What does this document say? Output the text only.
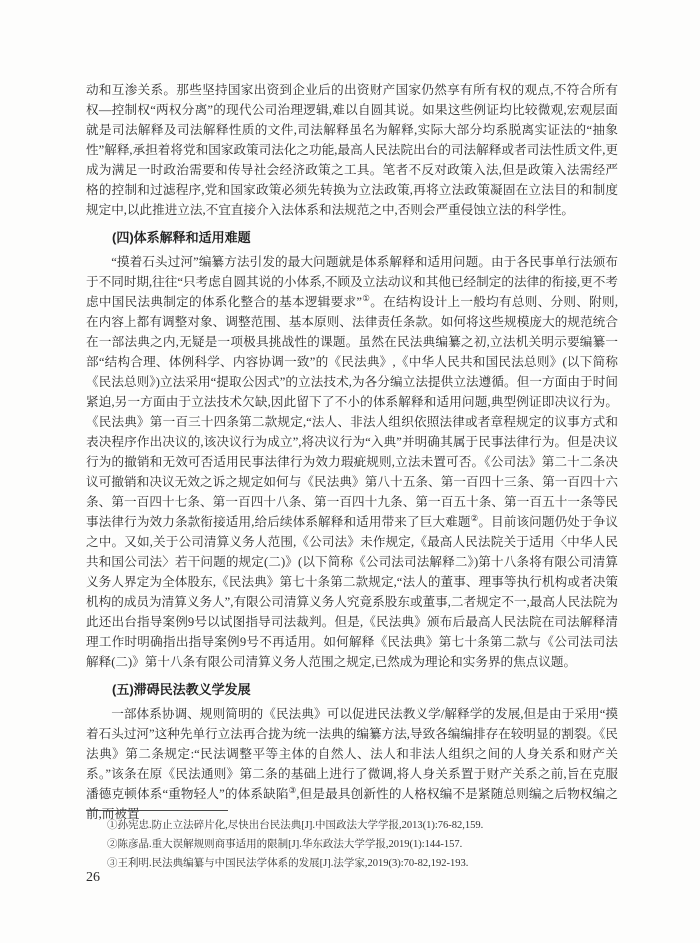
动和互渗关系。那些坚持国家出资到企业后的出资财产国家仍然享有所有权的观点,不符合所有权—控制权“两权分离”的现代公司治理逻辑,难以自圆其说。如果这些例证均比较微观,宏观层面就是司法解释及司法解释性质的文件,司法解释虽名为解释,实际大部分均系脱离实证法的“抽象性”解释,承担着将党和国家政策司法化之功能,最高人民法院出台的司法解释或者司法性质文件,更成为满足一时政治需要和传导社会经济政策之工具。笔者不反对政策入法,但是政策入法需经严格的控制和过滤程序,党和国家政策必须先转换为立法政策,再将立法政策凝固在立法目的和制度规定中,以此推进立法,不宜直接介入法体系和法规范之中,否则会严重侵蚀立法的科学性。

(四)体系解释和适用难题

“摸着石头过河”编纂方法引发的最大问题就是体系解释和适用问题。由于各民事单行法颁布于不同时期,往往“只考虑自圆其说的小体系,不顾及立法动议和其他已经制定的法律的衔接,更不考虑中国民法典制定的体系化整合的基本逻辑要求”①。在结构设计上一般均有总则、分则、附则,在内容上都有调整对象、调整范围、基本原则、法律责任条款。如何将这些规模庞大的规范统合在一部法典之内,无疑是一项极具挑战性的课题。虽然在民法典编纂之初,立法机关明示要编纂一部“结构合理、体例科学、内容协调一致”的《民法典》,《中华人民共和国民法总则》(以下简称《民法总则》)立法采用“提取公因式”的立法技术,为各分编立法提供立法遵循。但一方面由于时间紧迫,另一方面由于立法技术欠缺,因此留下了不小的体系解释和适用问题,典型例证即决议行为。《民法典》第一百三十四条第二款规定,“法人、非法人组织依照法律或者章程规定的议事方式和表决程序作出决议的,该决议行为成立”,将决议行为“入典”并明确其属于民事法律行为。但是决议行为的撤销和无效可否适用民事法律行为效力瑕疵规则,立法未置可否。《公司法》第二十二条决议可撤销和决议无效之诉之规定如何与《民法典》第八十五条、第一百四十三条、第一百四十六条、第一百四十七条、第一百四十八条、第一百四十九条、第一百五十条、第一百五十一条等民事法律行为效力条款衔接适用,给后续体系解释和适用带来了巨大难题②。目前该问题仍处于争议之中。又如,关于公司清算义务人范围,《公司法》未作规定,《最高人民法院关于适用〈中华人民共和国公司法〉若干问题的规定(二)》(以下简称《公司法司法解释二》)第十八条将有限公司清算义务人界定为全体股东,《民法典》第七十条第二款规定,“法人的董事、理事等执行机构或者决策机构的成员为清算义务人”,有限公司清算义务人究竟系股东或董事,二者规定不一,最高人民法院为此还出台指导案例9号以试图指导司法裁判。但是,《民法典》颁布后最高人民法院在司法解释清理工作时明确指出指导案例9号不再适用。如何解释《民法典》第七十条第二款与《公司法司法解释(二)》第十八条有限公司清算义务人范围之规定,已然成为理论和实务界的焦点议题。

(五)滞碍民法教义学发展

一部体系协调、规则简明的《民法典》可以促进民法教义学/解释学的发展,但是由于采用“摸着石头过河”这种先单行立法再合拢为统一法典的编纂方法,导致各编编排存在较明显的割裂。《民法典》第二条规定:“民法调整平等主体的自然人、法人和非法人组织之间的人身关系和财产关系。”该条在原《民法通则》第二条的基础上进行了微调,将人身关系置于财产关系之前,旨在克服潘德克顿体系“重物轻人”的体系缺陷③,但是最具创新性的人格权编不是紧随总则编之后物权编之前,而被置

①孙宪忠.防止立法碎片化,尽快出台民法典[J].中国政法大学学报,2013(1):76-82,159.

②陈彦晶.重大误解规则商事适用的限制[J].华东政法大学学报,2019(1):144-157.

③王利明.民法典编纂与中国民法学体系的发展[J].法学家,2019(3):70-82,192-193.

26
